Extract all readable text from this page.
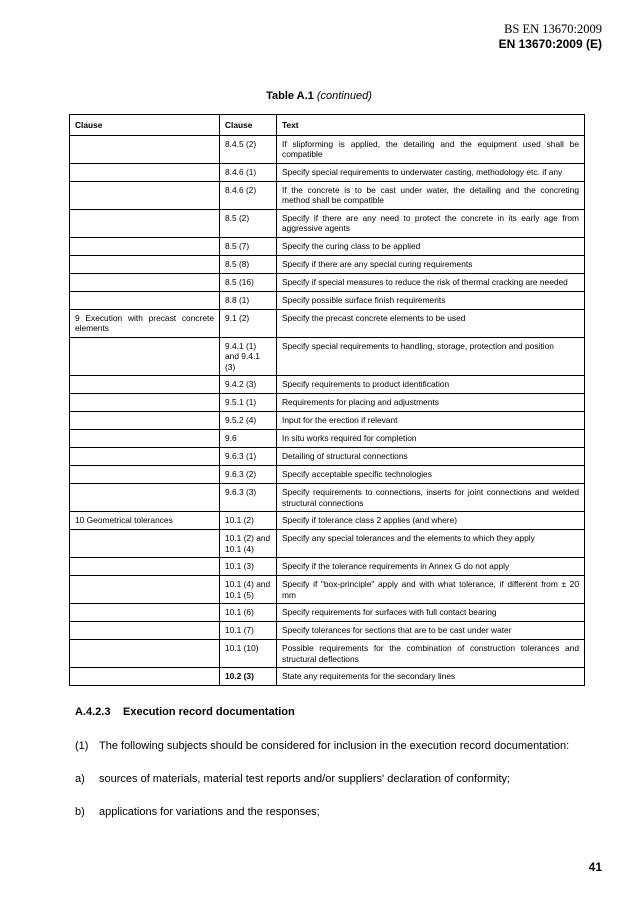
BS EN 13670:2009
EN 13670:2009 (E)
Table A.1 (continued)
Clause	Clause	Text
	8.4.5 (2)	If slipforming is applied, the detailing and the equipment used shall be compatible
	8.4.6 (1)	Specify special requirements to underwater casting, methodology etc. if any
	8.4.6 (2)	If the concrete is to be cast under water, the detailing and the concreting method shall be compatible
	8.5 (2)	Specify if there are any need to protect the concrete in its early age from aggressive agents
	8.5 (7)	Specify the curing class to be applied
	8.5 (8)	Specify if there are any special curing requirements
	8.5 (16)	Specify if special measures to reduce the risk of thermal cracking are needed
	8.8 (1)	Specify possible surface finish requirements
9 Execution with precast concrete elements	9.1 (2)	Specify the precast concrete elements to be used
	9.4.1 (1) and 9.4.1 (3)	Specify special requirements to handling, storage, protection and position
	9.4.2 (3)	Specify requirements to product identification
	9.5.1 (1)	Requirements for placing and adjustments
	9.5.2 (4)	Input for the erection if relevant
	9.6	In situ works required for completion
	9.6.3 (1)	Detailing of structural connections
	9.6.3 (2)	Specify acceptable specific technologies
	9.6.3 (3)	Specify requirements to connections, inserts for joint connections and welded structural connections
10 Geometrical tolerances	10.1 (2)	Specify if tolerance class 2 applies (and where)
	10.1 (2) and 10.1 (4)	Specify any special tolerances and the elements to which they apply
	10.1 (3)	Specify if the tolerance requirements in Annex G do not apply
	10.1 (4) and 10.1 (5)	Specify if "box-principle" apply and with what tolerance, if different from ± 20 mm
	10.1 (6)	Specify requirements for surfaces with full contact bearing
	10.1 (7)	Specify tolerances for sections that are to be cast under water
	10.1 (10)	Possible requirements for the combination of construction tolerances and structural deflections
	10.2 (3)	State any requirements for the secondary lines
A.4.2.3 Execution record documentation
(1) The following subjects should be considered for inclusion in the execution record documentation:
a) sources of materials, material test reports and/or suppliers' declaration of conformity;
b) applications for variations and the responses;
41
